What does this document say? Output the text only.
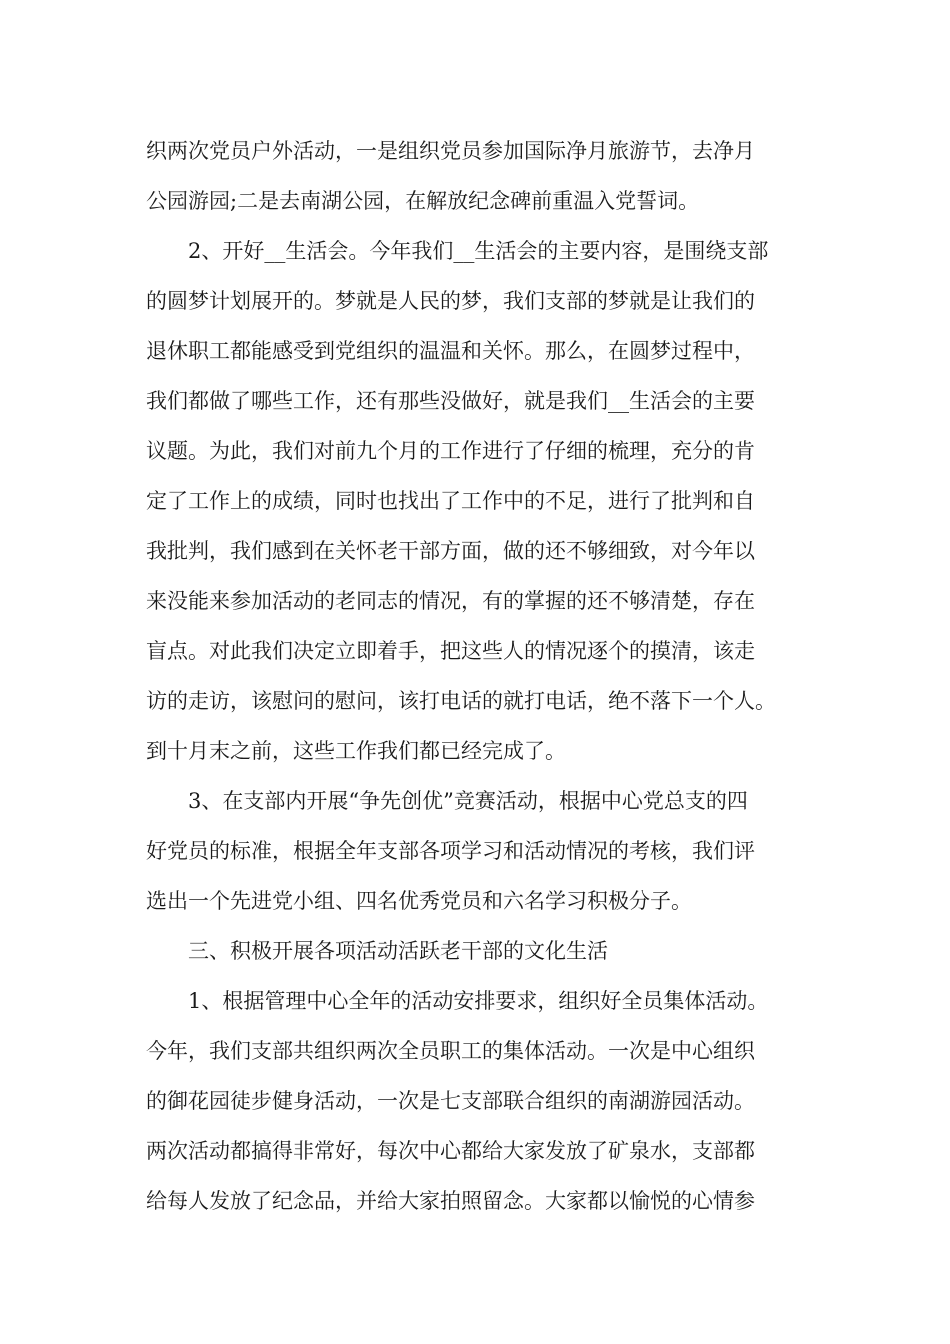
织两次党员户外活动，一是组织党员参加国际净月旅游节，去净月

公园游园;二是去南湖公园，在解放纪念碑前重温入党誓词。

2、开好__生活会。今年我们__生活会的主要内容，是围绕支部

的圆梦计划展开的。梦就是人民的梦，我们支部的梦就是让我们的

退休职工都能感受到党组织的温温和关怀。那么，在圆梦过程中，

我们都做了哪些工作，还有那些没做好，就是我们__生活会的主要

议题。为此，我们对前九个月的工作进行了仔细的梳理，充分的肯

定了工作上的成绩，同时也找出了工作中的不足，进行了批判和自

我批判，我们感到在关怀老干部方面，做的还不够细致，对今年以

来没能来参加活动的老同志的情况，有的掌握的还不够清楚，存在

盲点。对此我们决定立即着手，把这些人的情况逐个的摸清，该走

访的走访，该慰问的慰问，该打电话的就打电话，绝不落下一个人。

到十月末之前，这些工作我们都已经完成了。

3、在支部内开展“争先创优”竞赛活动，根据中心党总支的四

好党员的标准，根据全年支部各项学习和活动情况的考核，我们评

选出一个先进党小组、四名优秀党员和六名学习积极分子。

三、积极开展各项活动活跃老干部的文化生活

1、根据管理中心全年的活动安排要求，组织好全员集体活动。

今年，我们支部共组织两次全员职工的集体活动。一次是中心组织

的御花园徒步健身活动，一次是七支部联合组织的南湖游园活动。

两次活动都搞得非常好，每次中心都给大家发放了矿泉水，支部都

给每人发放了纪念品，并给大家拍照留念。大家都以愉悦的心情参
